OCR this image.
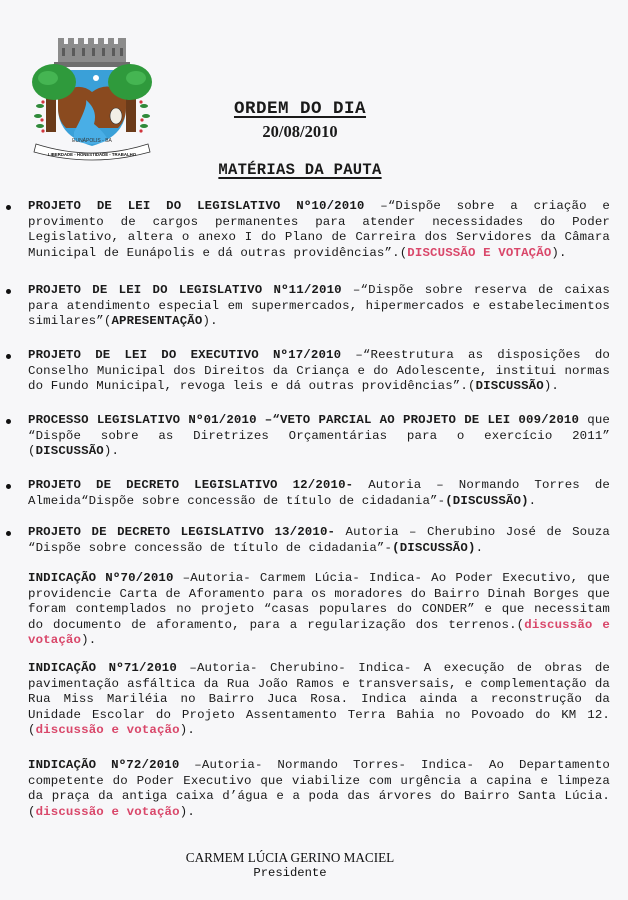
EUNÁPOLIS - BA
LIBERDADE - HONESTIDADE - TRABALHO

ORDEM DO DIA

20/08/2010

MATÉRIAS DA PAUTA

PROJETO DE LEI DO LEGISLATIVO Nº10/2010 –“Dispõe sobre a criação e provimento de cargos permanentes para atender necessidades do Poder Legislativo, altera o anexo I do Plano de Carreira dos Servidores da Câmara Municipal de Eunápolis e dá outras providências”.(DISCUSSÃO E VOTAÇÃO).
PROJETO DE LEI DO LEGISLATIVO Nº11/2010 –“Dispõe sobre reserva de caixas para atendimento especial em supermercados, hipermercados e estabelecimentos similares”(APRESENTAÇÃO).
PROJETO DE LEI DO EXECUTIVO Nº17/2010 –“Reestrutura as disposições do Conselho Municipal dos Direitos da Criança e do Adolescente, institui normas do Fundo Municipal, revoga leis e dá outras providências”.(DISCUSSÃO).
PROCESSO LEGISLATIVO Nº01/2010 –“VETO PARCIAL AO PROJETO DE LEI 009/2010 que “Dispõe sobre as Diretrizes Orçamentárias para o exercício 2011” (DISCUSSÃO).
PROJETO DE DECRETO LEGISLATIVO 12/2010- Autoria – Normando Torres de Almeida“Dispõe sobre concessão de título de cidadania”-(DISCUSSÃO).
PROJETO DE DECRETO LEGISLATIVO 13/2010- Autoria – Cherubino José de Souza “Dispõe sobre concessão de título de cidadania”-(DISCUSSÃO).
INDICAÇÃO Nº70/2010 –Autoria- Carmem Lúcia- Indica- Ao Poder Executivo, que providencie Carta de Aforamento para os moradores do Bairro Dinah Borges que foram contemplados no projeto “casas populares do CONDER” e que necessitam do documento de aforamento, para a regularização dos terrenos.(discussão e votação).
INDICAÇÃO Nº71/2010 –Autoria- Cherubino- Indica- A execução de obras de pavimentação asfáltica da Rua João Ramos e transversais, e complementação da Rua Miss Mariléia no Bairro Juca Rosa. Indica ainda a reconstrução da Unidade Escolar do Projeto Assentamento Terra Bahia no Povoado do KM 12.(discussão e votação).
INDICAÇÃO Nº72/2010 –Autoria- Normando Torres- Indica- Ao Departamento competente do Poder Executivo que viabilize com urgência a capina e limpeza da praça da antiga caixa d’água e a poda das árvores do Bairro Santa Lúcia.(discussão e votação).

CARMEM LÚCIA GERINO MACIEL

Presidente
